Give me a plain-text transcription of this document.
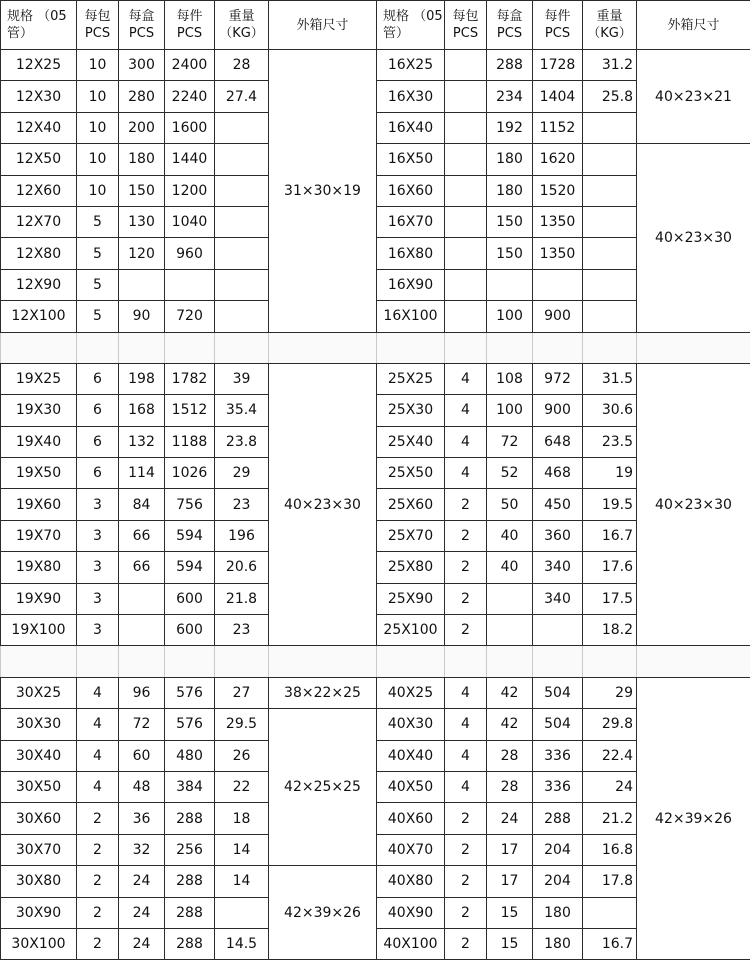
规格 （05管）	每包PCS	每盒PCS	每件PCS	重量（KG）	外箱尺寸	规格 （05管）	每包PCS	每盒PCS	每件PCS	重量（KG）	外箱尺寸
12X25	10	300	2400	28	31×30×19	16X25		288	1728	31.2	40×23×21
12X30	10	280	2240	27.4		16X30		234	1404	25.8	
12X40	10	200	1600			16X40		192	1152		
12X50	10	180	1440			16X50		180	1620		40×23×30
12X60	10	150	1200			16X60		180	1520		
12X70	5	130	1040			16X70		150	1350		
12X80	5	120	960			16X80		150	1350		
12X90	5					16X90					
12X100	5	90	720			16X100		100	900		

19X25	6	198	1782	39	40×23×30	25X25	4	108	972	31.5	40×23×30
19X30	6	168	1512	35.4		25X30	4	100	900	30.6	
19X40	6	132	1188	23.8		25X40	4	72	648	23.5	
19X50	6	114	1026	29		25X50	4	52	468	19	
19X60	3	84	756	23		25X60	2	50	450	19.5	
19X70	3	66	594	196		25X70	2	40	360	16.7	
19X80	3	66	594	20.6		25X80	2	40	340	17.6	
19X90	3		600	21.8		25X90	2		340	17.5	
19X100	3		600	23		25X100	2			18.2	

30X25	4	96	576	27	38×22×25	40X25	4	42	504	29	42×39×26
30X30	4	72	576	29.5	42×25×25	40X30	4	42	504	29.8	
30X40	4	60	480	26		40X40	4	28	336	22.4	
30X50	4	48	384	22		40X50	4	28	336	24	
30X60	2	36	288	18		40X60	2	24	288	21.2	
30X70	2	32	256	14		40X70	2	17	204	16.8	
30X80	2	24	288	14	42×39×26	40X80	2	17	204	17.8	
30X90	2	24	288			40X90	2	15	180		
30X100	2	24	288	14.5		40X100	2	15	180	16.7	
